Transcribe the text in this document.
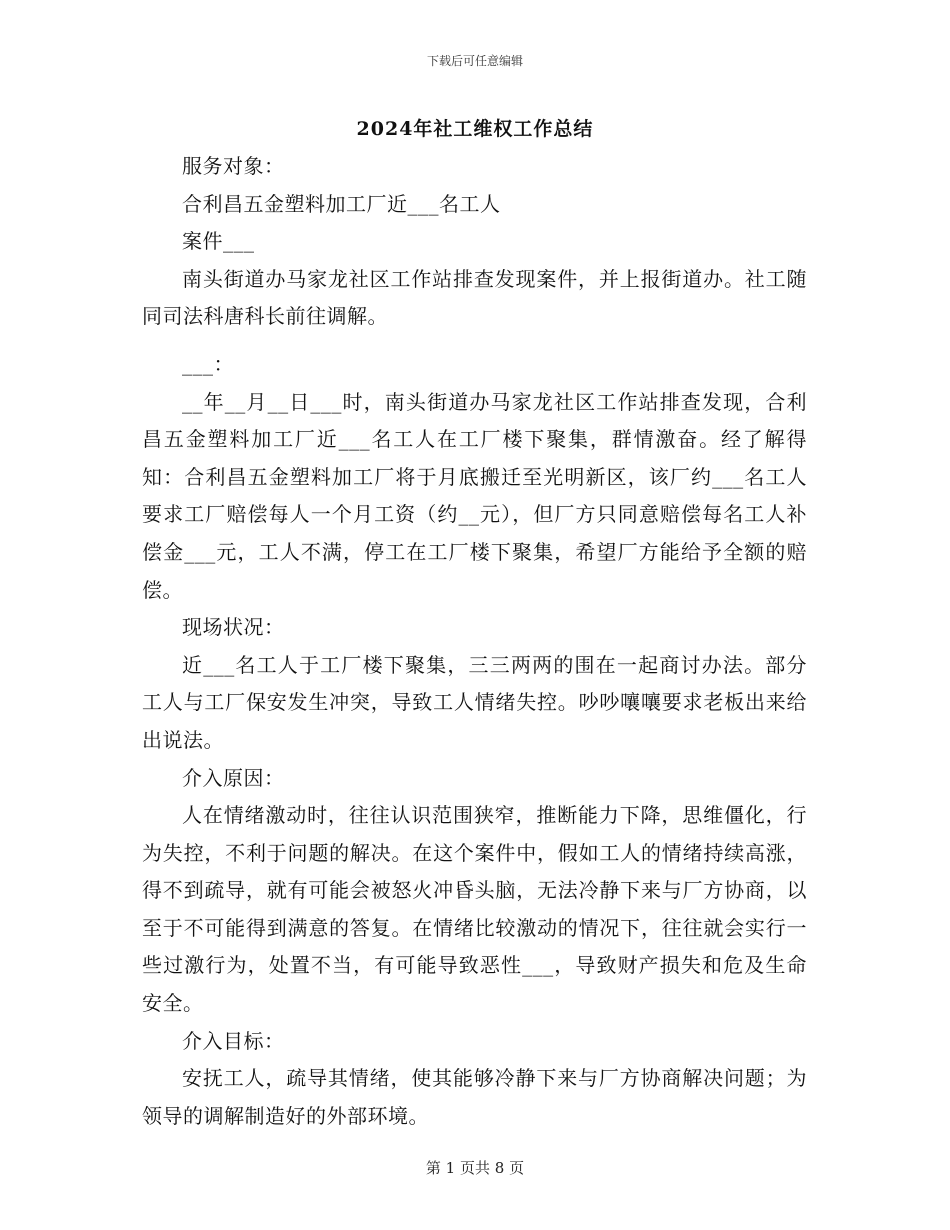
下载后可任意编辑
2024年社工维权工作总结

服务对象：

合利昌五金塑料加工厂近___名工人

案件___

南头街道办马家龙社区工作站排查发现案件，并上报街道办。社工随同司法科唐科长前往调解。

___：

__年__月__日___时，南头街道办马家龙社区工作站排查发现，合利昌五金塑料加工厂近___名工人在工厂楼下聚集，群情激奋。经了解得知：合利昌五金塑料加工厂将于月底搬迁至光明新区，该厂约___名工人要求工厂赔偿每人一个月工资（约__元），但厂方只同意赔偿每名工人补偿金___元，工人不满，停工在工厂楼下聚集，希望厂方能给予全额的赔偿。

现场状况：

近___名工人于工厂楼下聚集，三三两两的围在一起商讨办法。部分工人与工厂保安发生冲突，导致工人情绪失控。吵吵嚷嚷要求老板出来给出说法。

介入原因：

人在情绪激动时，往往认识范围狭窄，推断能力下降，思维僵化，行为失控，不利于问题的解决。在这个案件中，假如工人的情绪持续高涨，得不到疏导，就有可能会被怒火冲昏头脑，无法冷静下来与厂方协商，以至于不可能得到满意的答复。在情绪比较激动的情况下，往往就会实行一些过激行为，处置不当，有可能导致恶性___，导致财产损失和危及生命安全。

介入目标：

安抚工人，疏导其情绪，使其能够冷静下来与厂方协商解决问题；为领导的调解制造好的外部环境。

第 1 页共 8 页
